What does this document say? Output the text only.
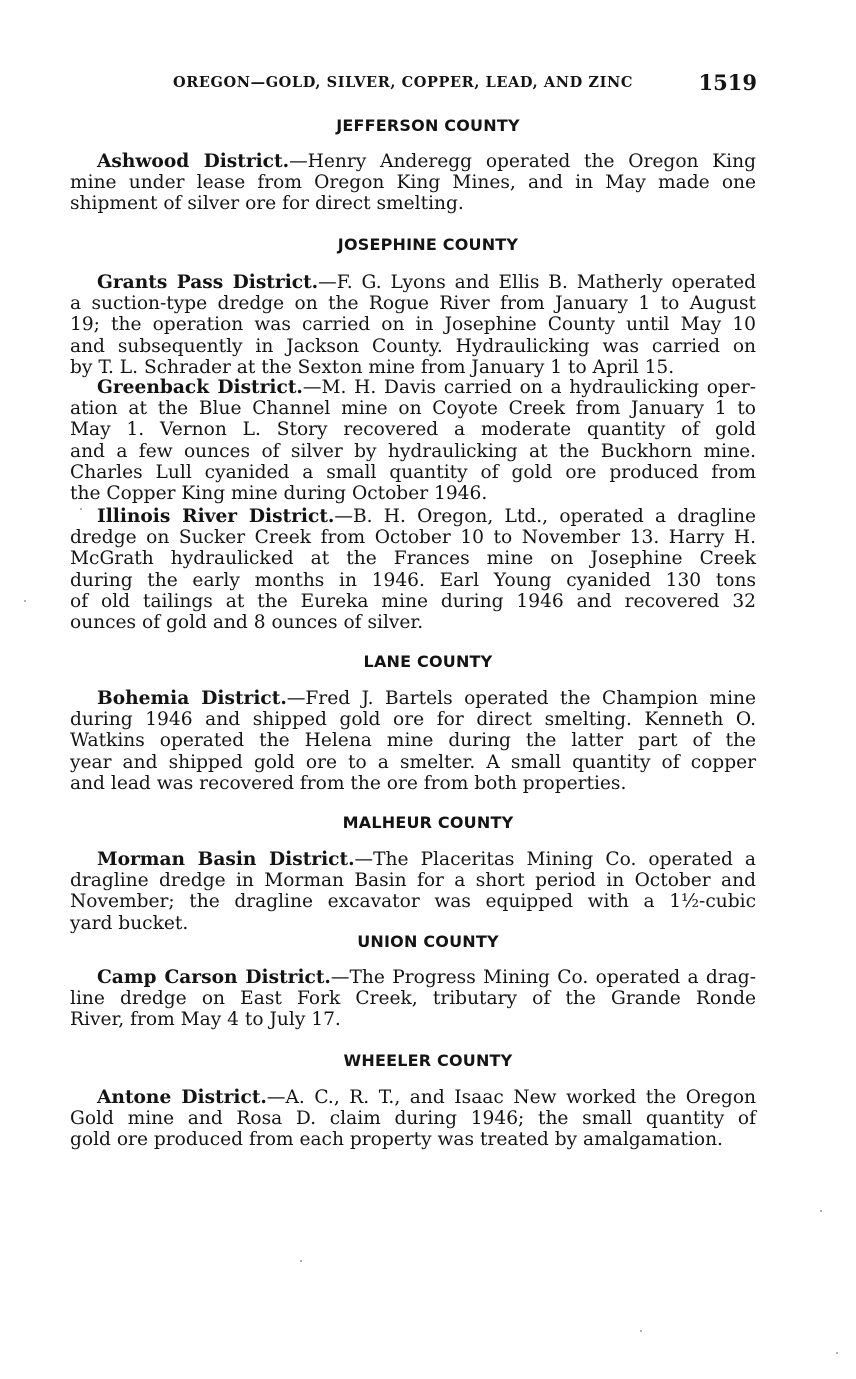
OREGON—GOLD, SILVER, COPPER, LEAD, AND ZINC	1519
JEFFERSON COUNTY
Ashwood District.—Henry Anderegg operated the Oregon King
mine under lease from Oregon King Mines, and in May made one
shipment of silver ore for direct smelting.
JOSEPHINE COUNTY
Grants Pass District.—F. G. Lyons and Ellis B. Matherly operated
a suction-type dredge on the Rogue River from January 1 to August
19; the operation was carried on in Josephine County until May 10
and subsequently in Jackson County. Hydraulicking was carried on
by T. L. Schrader at the Sexton mine from January 1 to April 15.
Greenback District.—M. H. Davis carried on a hydraulicking oper-
ation at the Blue Channel mine on Coyote Creek from January 1 to
May 1. Vernon L. Story recovered a moderate quantity of gold
and a few ounces of silver by hydraulicking at the Buckhorn mine.
Charles Lull cyanided a small quantity of gold ore produced from
the Copper King mine during October 1946.
Illinois River District.—B. H. Oregon, Ltd., operated a dragline
dredge on Sucker Creek from October 10 to November 13. Harry H.
McGrath hydraulicked at the Frances mine on Josephine Creek
during the early months in 1946. Earl Young cyanided 130 tons
of old tailings at the Eureka mine during 1946 and recovered 32
ounces of gold and 8 ounces of silver.
LANE COUNTY
Bohemia District.—Fred J. Bartels operated the Champion mine
during 1946 and shipped gold ore for direct smelting. Kenneth O.
Watkins operated the Helena mine during the latter part of the
year and shipped gold ore to a smelter. A small quantity of copper
and lead was recovered from the ore from both properties.
MALHEUR COUNTY
Morman Basin District.—The Placeritas Mining Co. operated a
dragline dredge in Morman Basin for a short period in October and
November; the dragline excavator was equipped with a 1½-cubic
yard bucket.
UNION COUNTY
Camp Carson District.—The Progress Mining Co. operated a drag-
line dredge on East Fork Creek, tributary of the Grande Ronde
River, from May 4 to July 17.
WHEELER COUNTY
Antone District.—A. C., R. T., and Isaac New worked the Oregon
Gold mine and Rosa D. claim during 1946; the small quantity of
gold ore produced from each property was treated by amalgamation.
